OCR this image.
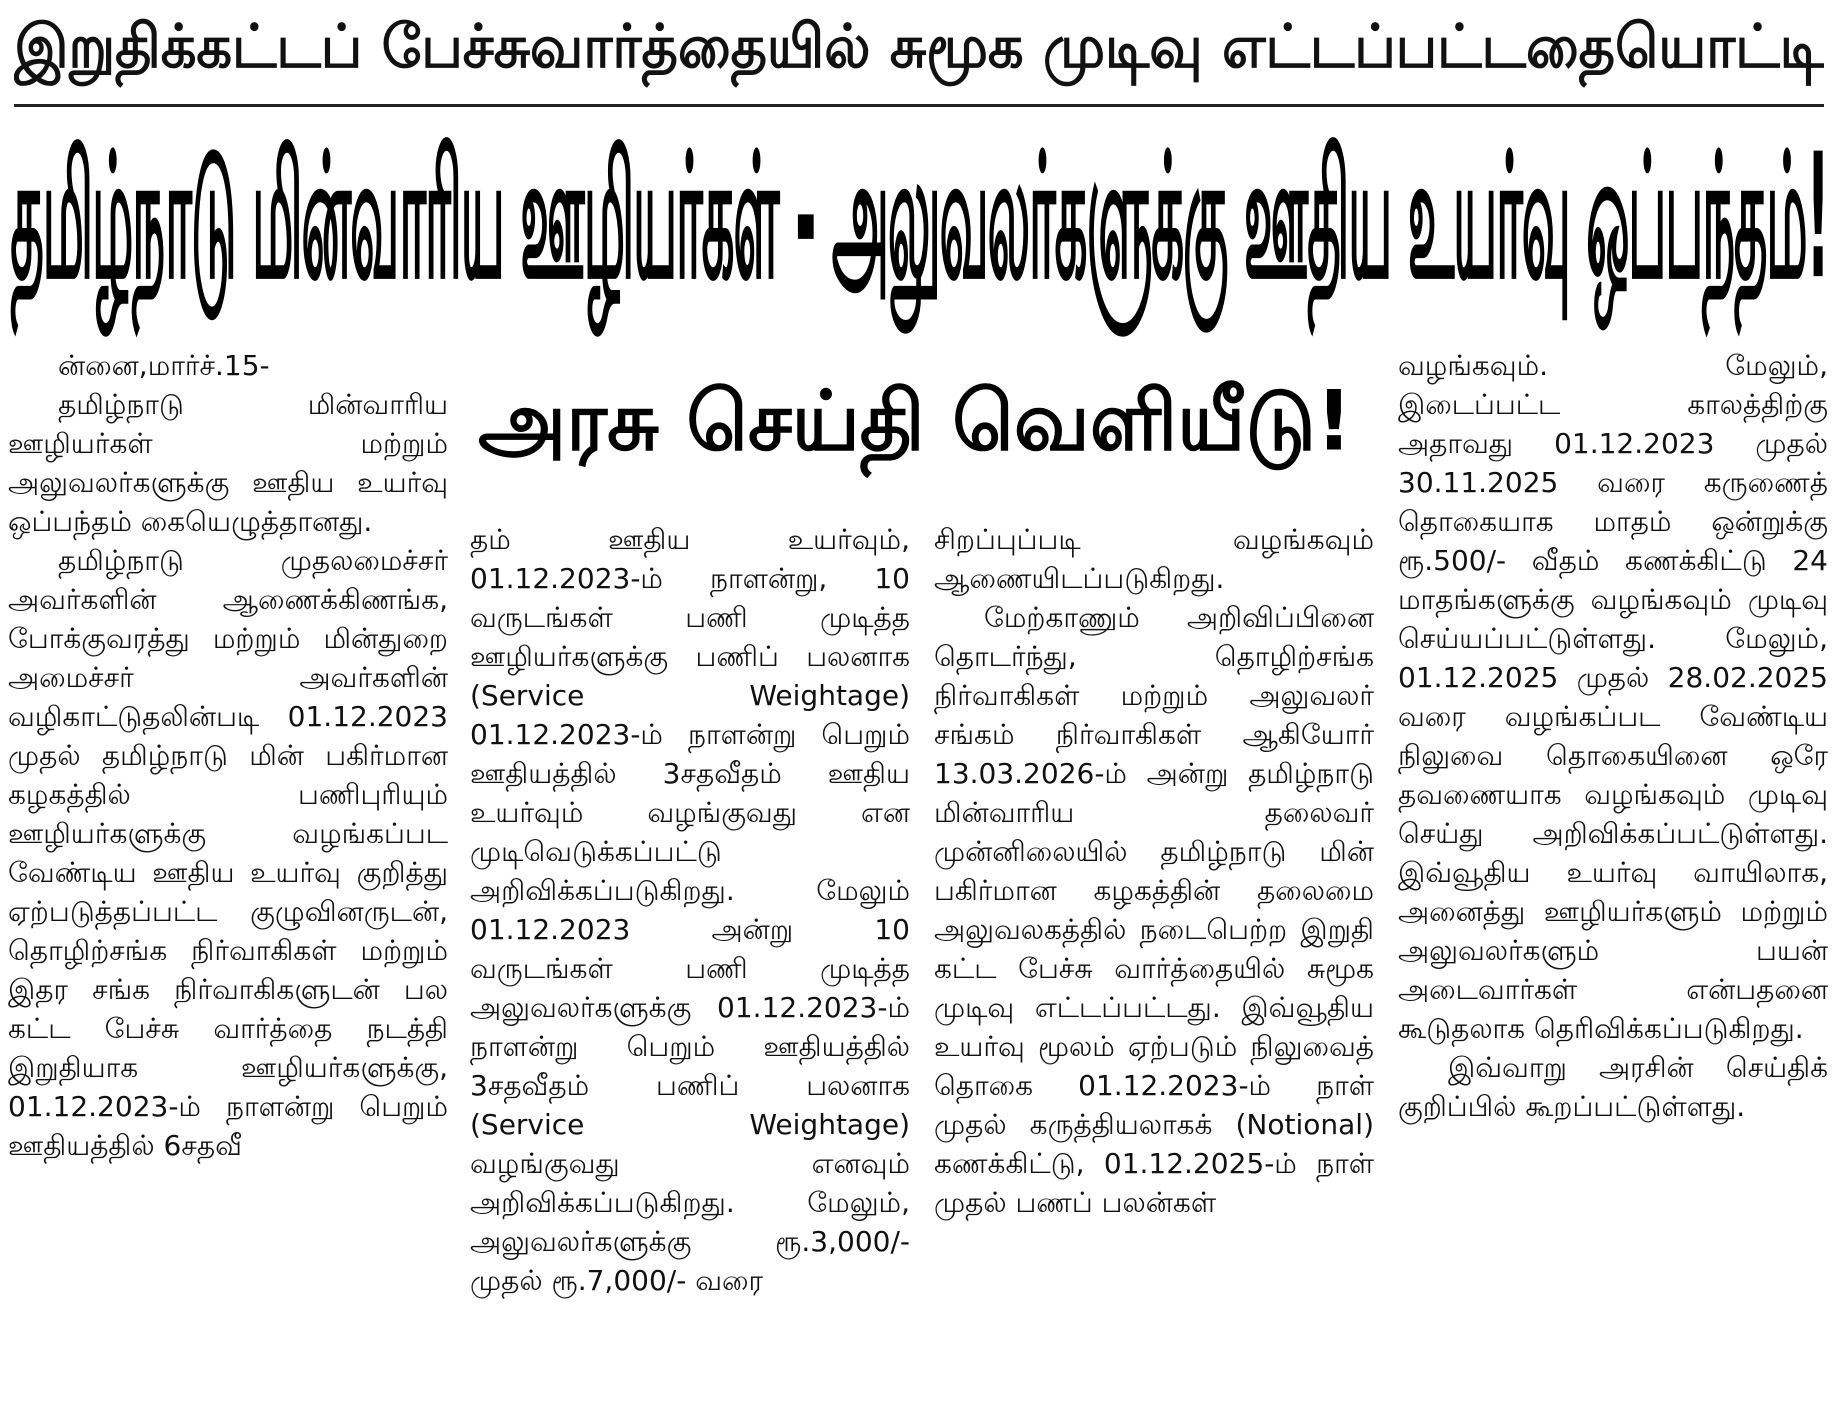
இறுதிக்கட்டப் பேச்சுவார்த்தையில் சுமூக முடிவு எட்டப்பட்டதையொட்டி
தமிழ்நாடு மின்வாரிய ஊழியர்கள் - அலுவலர்களுக்கு ஊதிய உயர்வு ஒப்பந்தம்!
அரசு செய்தி வெளியீடு!

ன்னை,மார்ச்.15-

தமிழ்நாடு மின்வாரிய ஊழியர்கள் மற்றும் அலுவலர்களுக்கு ஊதிய உயர்வு ஒப்பந்தம் கையெழுத்தானது.

தமிழ்நாடு முதலமைச்சர் அவர்களின் ஆணைக்கிணங்க, போக்குவரத்து மற்றும் மின்துறை அமைச்சர் அவர்களின் வழிகாட்டுதலின்படி 01.12.2023 முதல் தமிழ்நாடு மின் பகிர்மான கழகத்தில் பணிபுரியும் ஊழியர்களுக்கு வழங்கப்பட வேண்டிய ஊதிய உயர்வு குறித்து ஏற்படுத்தப்பட்ட குழுவினருடன், தொழிற்சங்க நிர்வாகிகள் மற்றும் இதர சங்க நிர்வாகிகளுடன் பல கட்ட பேச்சு வார்த்தை நடத்தி இறுதியாக ஊழியர்களுக்கு, 01.12.2023-ம் நாளன்று பெறும் ஊதியத்தில் 6சதவீ

தம் ஊதிய உயர்வும், 01.12.2023-ம் நாளன்று, 10 வருடங்கள் பணி முடித்த ஊழியர்களுக்கு பணிப் பலனாக (Service Weightage) 01.12.2023-ம் நாளன்று பெறும் ஊதியத்தில் 3சதவீதம் ஊதிய உயர்வும் வழங்குவது என முடிவெடுக்கப்பட்டு அறிவிக்கப்படுகிறது. மேலும் 01.12.2023 அன்று 10 வருடங்கள் பணி முடித்த அலுவலர்களுக்கு 01.12.2023-ம் நாளன்று பெறும் ஊதியத்தில் 3சதவீதம் பணிப் பலனாக (Service Weightage) வழங்குவது எனவும் அறிவிக்கப்படுகிறது. மேலும், அலுவலர்களுக்கு ரூ.3,000/- முதல் ரூ.7,000/- வரை

சிறப்புப்படி வழங்கவும் ஆணையிடப்படுகிறது.

மேற்காணும் அறிவிப்பினை தொடர்ந்து, தொழிற்சங்க நிர்வாகிகள் மற்றும் அலுவலர் சங்கம் நிர்வாகிகள் ஆகியோர் 13.03.2026-ம் அன்று தமிழ்நாடு மின்வாரிய தலைவர் முன்னிலையில் தமிழ்நாடு மின் பகிர்மான கழகத்தின் தலைமை அலுவலகத்தில் நடைபெற்ற இறுதி கட்ட பேச்சு வார்த்தையில் சுமூக முடிவு எட்டப்பட்டது. இவ்வூதிய உயர்வு மூலம் ஏற்படும் நிலுவைத் தொகை 01.12.2023-ம் நாள் முதல் கருத்தியலாகக் (Notional) கணக்கிட்டு, 01.12.2025-ம் நாள் முதல் பணப் பலன்கள்

வழங்கவும். மேலும், இடைப்பட்ட காலத்திற்கு அதாவது 01.12.2023 முதல் 30.11.2025 வரை கருணைத் தொகையாக மாதம் ஒன்றுக்கு ரூ.500/- வீதம் கணக்கிட்டு 24 மாதங்களுக்கு வழங்கவும் முடிவு செய்யப்பட்டுள்ளது. மேலும், 01.12.2025 முதல் 28.02.2025 வரை வழங்கப்பட வேண்டிய நிலுவை தொகையினை ஒரே தவணையாக வழங்கவும் முடிவு செய்து அறிவிக்கப்பட்டுள்ளது. இவ்வூதிய உயர்வு வாயிலாக, அனைத்து ஊழியர்களும் மற்றும் அலுவலர்களும் பயன் அடைவார்கள் என்பதனை கூடுதலாக தெரிவிக்கப்படுகிறது.

இவ்வாறு அரசின் செய்திக் குறிப்பில் கூறப்பட்டுள்ளது.
